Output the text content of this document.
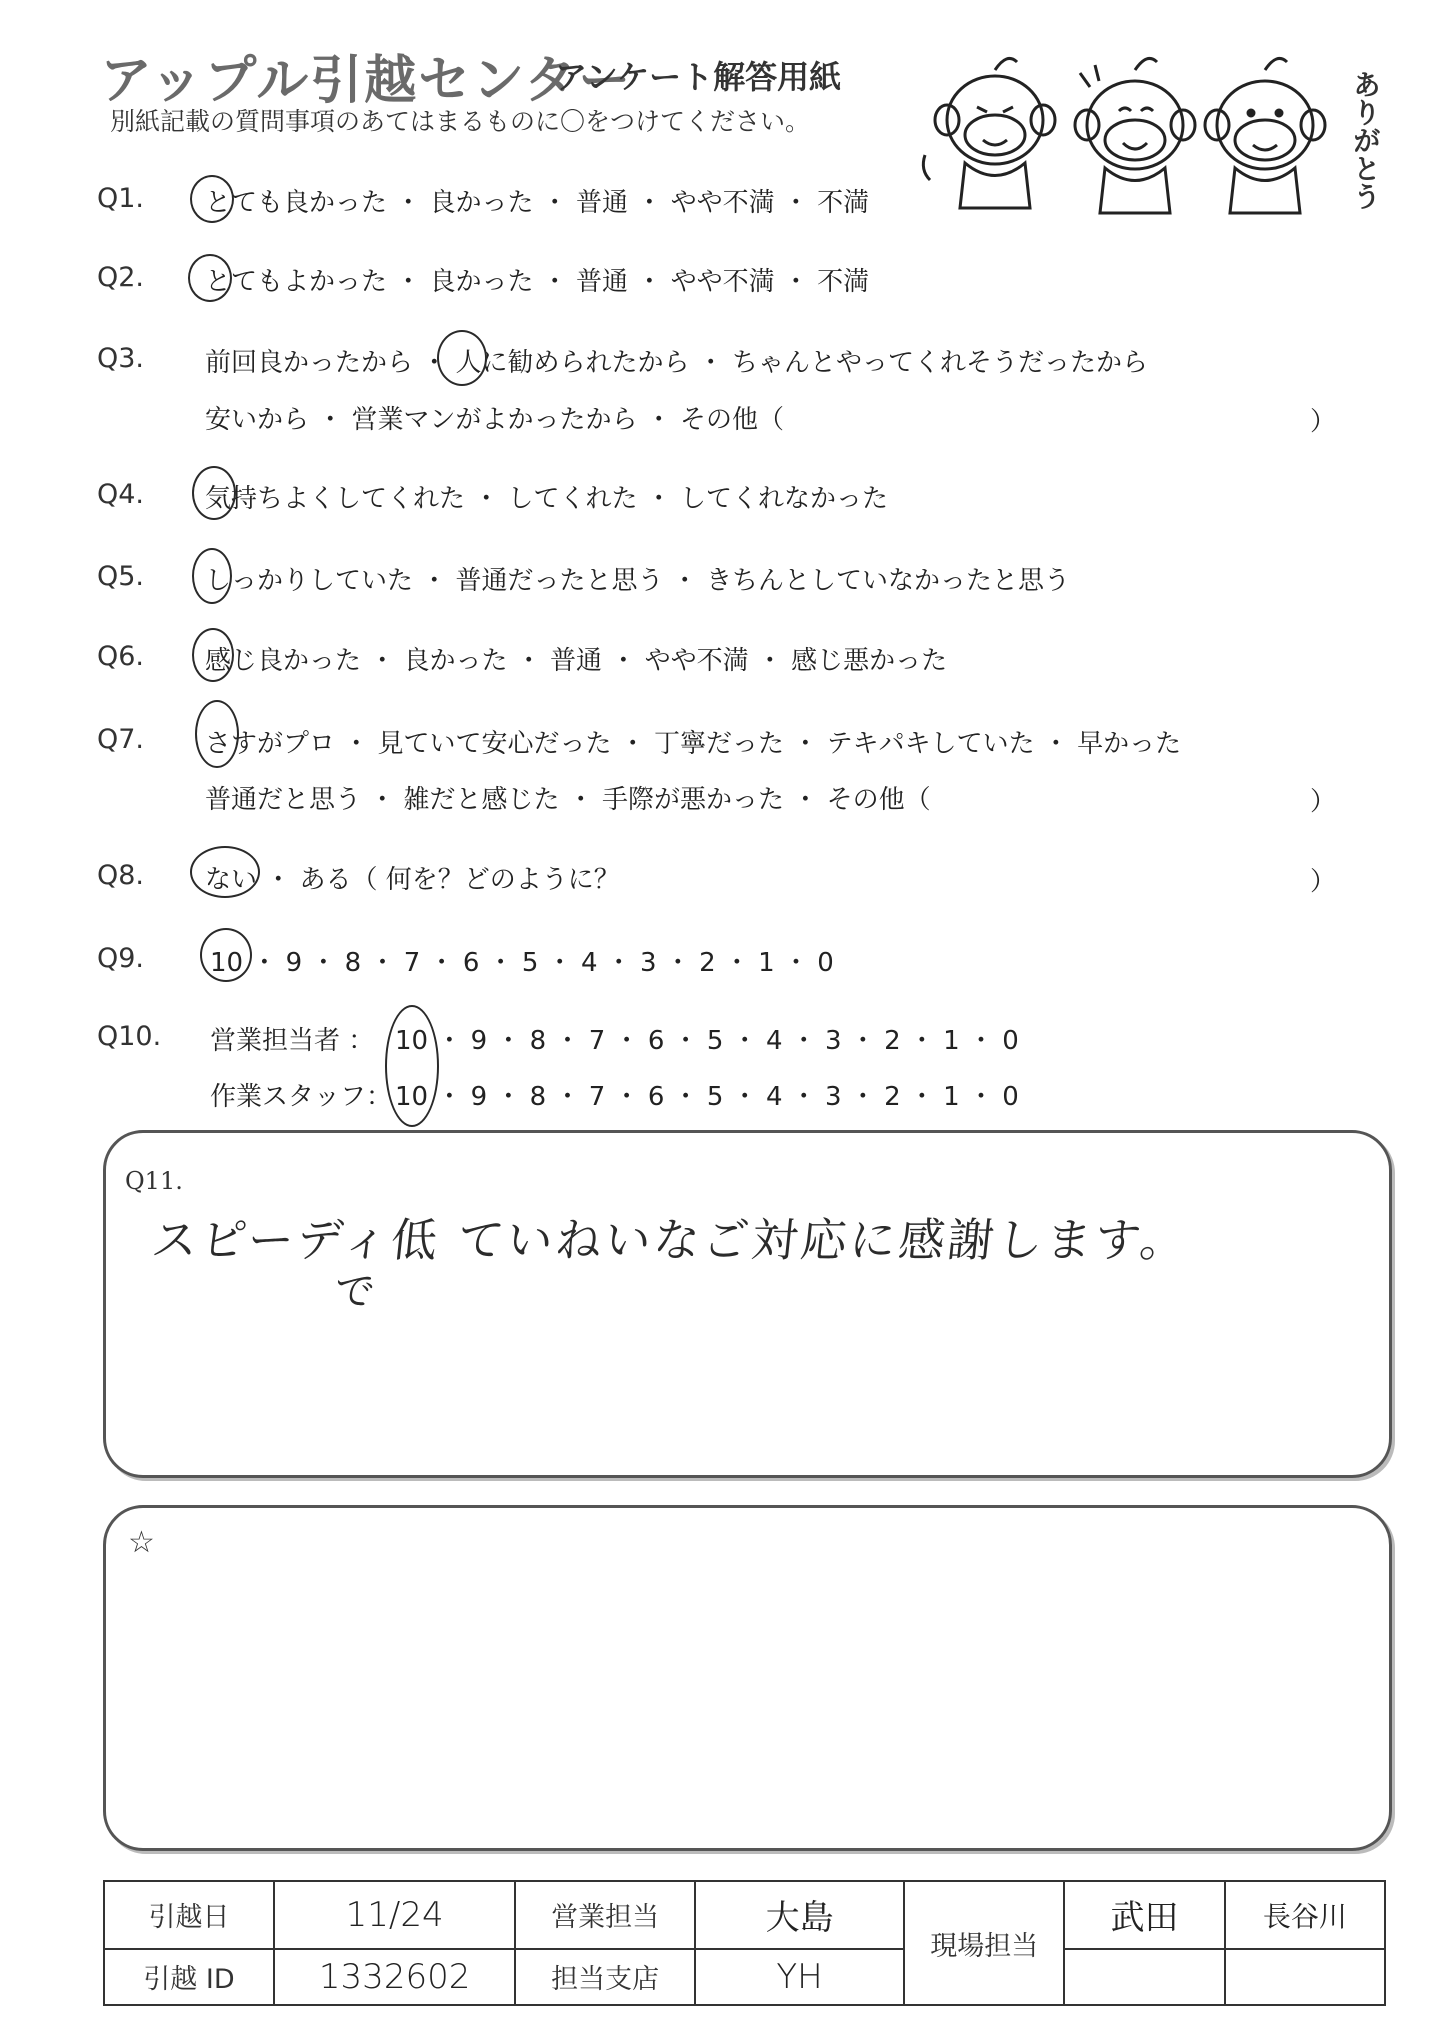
アップル引越センター
アンケート解答用紙
別紙記載の質問事項のあてはまるものに〇をつけてください。	ありがとう
Q1. とても良かった ・ 良かった ・ 普通 ・ やや不満 ・ 不満
Q2. とてもよかった ・ 良かった ・ 普通 ・ やや不満 ・ 不満
Q3. 前回良かったから ・ 人に勧められたから ・ ちゃんとやってくれそうだったから
安いから ・ 営業マンがよかったから ・ その他（	）
Q4. 気持ちよくしてくれた ・ してくれた ・ してくれなかった
Q5. しっかりしていた ・ 普通だったと思う ・ きちんとしていなかったと思う
Q6. 感じ良かった ・ 良かった ・ 普通 ・ やや不満 ・ 感じ悪かった
Q7. さすがプロ ・ 見ていて安心だった ・ 丁寧だった ・ テキパキしていた ・ 早かった
普通だと思う ・ 雑だと感じた ・ 手際が悪かった ・ その他（	）
Q8. ない ・ ある（ 何を？どのように？	）
Q9.	10 ・ 9 ・ 8 ・ 7 ・ 6 ・ 5 ・ 4 ・ 3 ・ 2 ・ 1 ・ 0
Q10. 営業担当者 ： 10 ・ 9 ・ 8 ・ 7 ・ 6 ・ 5 ・ 4 ・ 3 ・ 2 ・ 1 ・ 0
作業スタッフ： 10 ・ 9 ・ 8 ・ 7 ・ 6 ・ 5 ・ 4 ・ 3 ・ 2 ・ 1 ・ 0
Q11.
スピーディ低 ていねいなご対応に感謝します。
で
☆
引越日	11/24	営業担当	大島	現場担当	武田	長谷川
引越 ID	1332602	担当支店	YH			
